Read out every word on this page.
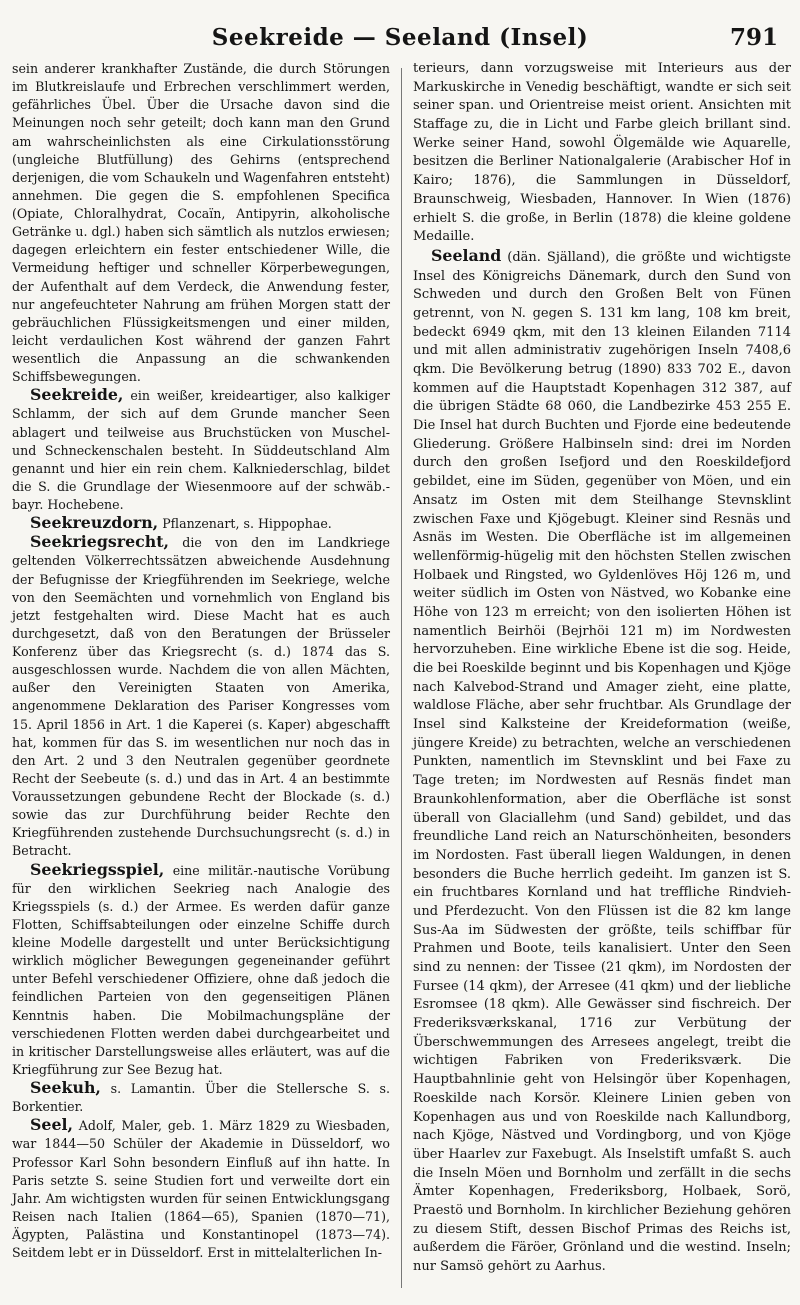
Seekreide — Seeland (Insel)	791

sein anderer krankhafter Zustände, die durch Störungen im Blutkreislaufe und Erbrechen verschlimmert werden, gefährliches Übel. Über die Ursache davon sind die Meinungen noch sehr geteilt; doch kann man den Grund am wahrscheinlichsten als eine Cirkulationsstörung (ungleiche Blutfüllung) des Gehirns (entsprechend derjenigen, die vom Schaukeln und Wagenfahren entsteht) annehmen. Die gegen die S. empfohlenen Specifica (Opiate, Chloralhydrat, Cocaïn, Antipyrin, alkoholische Getränke u. dgl.) haben sich sämtlich als nutzlos erwiesen; dagegen erleichtern ein fester entschiedener Wille, die Vermeidung heftiger und schneller Körperbewegungen, der Aufenthalt auf dem Verdeck, die Anwendung fester, nur angefeuchteter Nahrung am frühen Morgen statt der gebräuchlichen Flüssigkeitsmengen und einer milden, leicht verdaulichen Kost während der ganzen Fahrt wesentlich die Anpassung an die schwankenden Schiffsbewegungen.

Seekreide, ein weißer, kreideartiger, also kalkiger Schlamm, der sich auf dem Grunde mancher Seen ablagert und teilweise aus Bruchstücken von Muschel- und Schneckenschalen besteht. In Süddeutschland Alm genannt und hier ein rein chem. Kalkniederschlag, bildet die S. die Grundlage der Wiesenmoore auf der schwäb.-bayr. Hochebene.

Seekreuzdorn, Pflanzenart, s. Hippophae.

Seekriegsrecht, die von den im Landkriege geltenden Völkerrechtssätzen abweichende Ausdehnung der Befugnisse der Kriegführenden im Seekriege, welche von den Seemächten und vornehmlich von England bis jetzt festgehalten wird. Diese Macht hat es auch durchgesetzt, daß von den Beratungen der Brüsseler Konferenz über das Kriegsrecht (s. d.) 1874 das S. ausgeschlossen wurde. Nachdem die von allen Mächten, außer den Vereinigten Staaten von Amerika, angenommene Deklaration des Pariser Kongresses vom 15. April 1856 in Art. 1 die Kaperei (s. Kaper) abgeschafft hat, kommen für das S. im wesentlichen nur noch das in den Art. 2 und 3 den Neutralen gegenüber geordnete Recht der Seebeute (s. d.) und das in Art. 4 an bestimmte Voraussetzungen gebundene Recht der Blockade (s. d.) sowie das zur Durchführung beider Rechte den Kriegführenden zustehende Durchsuchungsrecht (s. d.) in Betracht.

Seekriegsspiel, eine militär.-nautische Vorübung für den wirklichen Seekrieg nach Analogie des Kriegsspiels (s. d.) der Armee. Es werden dafür ganze Flotten, Schiffsabteilungen oder einzelne Schiffe durch kleine Modelle dargestellt und unter Berücksichtigung wirklich möglicher Bewegungen gegeneinander geführt unter Befehl verschiedener Offiziere, ohne daß jedoch die feindlichen Parteien von den gegenseitigen Plänen Kenntnis haben. Die Mobilmachungspläne der verschiedenen Flotten werden dabei durchgearbeitet und in kritischer Darstellungsweise alles erläutert, was auf die Kriegführung zur See Bezug hat.

Seekuh, s. Lamantin. Über die Stellersche S. s. Borkentier.

Seel, Adolf, Maler, geb. 1. März 1829 zu Wiesbaden, war 1844—50 Schüler der Akademie in Düsseldorf, wo Professor Karl Sohn besondern Einfluß auf ihn hatte. In Paris setzte S. seine Studien fort und verweilte dort ein Jahr. Am wichtigsten wurden für seinen Entwicklungsgang Reisen nach Italien (1864—65), Spanien (1870—71), Ägypten, Palästina und Konstantinopel (1873—74). Seitdem lebt er in Düsseldorf. Erst in mittelalterlichen In-

terieurs, dann vorzugsweise mit Interieurs aus der Markuskirche in Venedig beschäftigt, wandte er sich seit seiner span. und Orientreise meist orient. Ansichten mit Staffage zu, die in Licht und Farbe gleich brillant sind. Werke seiner Hand, sowohl Ölgemälde wie Aquarelle, besitzen die Berliner Nationalgalerie (Arabischer Hof in Kairo; 1876), die Sammlungen in Düsseldorf, Braunschweig, Wiesbaden, Hannover. In Wien (1876) erhielt S. die große, in Berlin (1878) die kleine goldene Medaille.

Seeland (dän. Själland), die größte und wichtigste Insel des Königreichs Dänemark, durch den Sund von Schweden und durch den Großen Belt von Fünen getrennt, von N. gegen S. 131 km lang, 108 km breit, bedeckt 6949 qkm, mit den 13 kleinen Eilanden 7114 und mit allen administrativ zugehörigen Inseln 7408,6 qkm. Die Bevölkerung betrug (1890) 833 702 E., davon kommen auf die Hauptstadt Kopenhagen 312 387, auf die übrigen Städte 68 060, die Landbezirke 453 255 E. Die Insel hat durch Buchten und Fjorde eine bedeutende Gliederung. Größere Halbinseln sind: drei im Norden durch den großen Isefjord und den Roeskildefjord gebildet, eine im Süden, gegenüber von Möen, und ein Ansatz im Osten mit dem Steilhange Stevnsklint zwischen Faxe und Kjögebugt. Kleiner sind Resnäs und Asnäs im Westen. Die Oberfläche ist im allgemeinen wellenförmig-hügelig mit den höchsten Stellen zwischen Holbaek und Ringsted, wo Gyldenlöves Höj 126 m, und weiter südlich im Osten von Nästved, wo Kobanke eine Höhe von 123 m erreicht; von den isolierten Höhen ist namentlich Beirhöi (Bejrhöi 121 m) im Nordwesten hervorzuheben. Eine wirkliche Ebene ist die sog. Heide, die bei Roeskilde beginnt und bis Kopenhagen und Kjöge nach Kalvebod-Strand und Amager zieht, eine platte, waldlose Fläche, aber sehr fruchtbar. Als Grundlage der Insel sind Kalksteine der Kreideformation (weiße, jüngere Kreide) zu betrachten, welche an verschiedenen Punkten, namentlich im Stevnsklint und bei Faxe zu Tage treten; im Nordwesten auf Resnäs findet man Braunkohlenformation, aber die Oberfläche ist sonst überall von Glaciallehm (und Sand) gebildet, und das freundliche Land reich an Naturschönheiten, besonders im Nordosten. Fast überall liegen Waldungen, in denen besonders die Buche herrlich gedeiht. Im ganzen ist S. ein fruchtbares Kornland und hat treffliche Rindvieh- und Pferdezucht. Von den Flüssen ist die 82 km lange Sus-Aa im Südwesten der größte, teils schiffbar für Prahmen und Boote, teils kanalisiert. Unter den Seen sind zu nennen: der Tissee (21 qkm), im Nordosten der Fursee (14 qkm), der Arresee (41 qkm) und der liebliche Esromsee (18 qkm). Alle Gewässer sind fischreich. Der Frederiksværkskanal, 1716 zur Verbütung der Überschwemmungen des Arresees angelegt, treibt die wichtigen Fabriken von Frederiksværk. Die Hauptbahnlinie geht von Helsingör über Kopenhagen, Roeskilde nach Korsör. Kleinere Linien geben von Kopenhagen aus und von Roeskilde nach Kallundborg, nach Kjöge, Nästved und Vordingborg, und von Kjöge über Haarlev zur Faxebugt. Als Inselstift umfaßt S. auch die Inseln Möen und Bornholm und zerfällt in die sechs Ämter Kopenhagen, Frederiksborg, Holbaek, Sorö, Praestö und Bornholm. In kirchlicher Beziehung gehören zu diesem Stift, dessen Bischof Primas des Reichs ist, außerdem die Färöer, Grönland und die westind. Inseln; nur Samsö gehört zu Aarhus.
